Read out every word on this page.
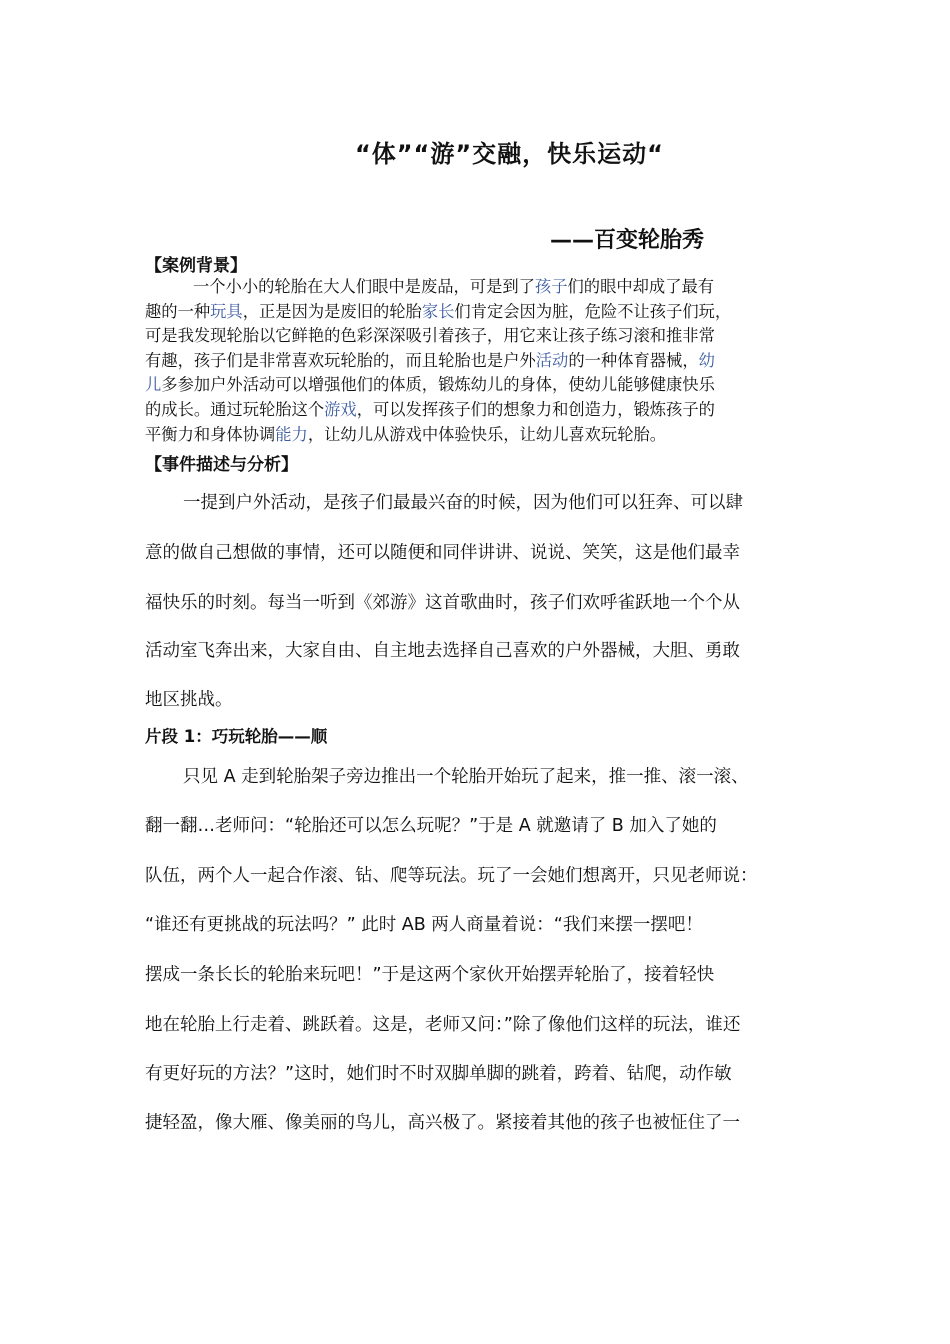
“体”“游”交融，快乐运动“
——百变轮胎秀
【案例背景】
一个小小的轮胎在大人们眼中是废品，可是到了孩子们的眼中却成了最有
趣的一种玩具，正是因为是废旧的轮胎家长们肯定会因为脏，危险不让孩子们玩，
可是我发现轮胎以它鲜艳的色彩深深吸引着孩子，用它来让孩子练习滚和推非常
有趣，孩子们是非常喜欢玩轮胎的，而且轮胎也是户外活动的一种体育器械，幼
儿多参加户外活动可以增强他们的体质，锻炼幼儿的身体，使幼儿能够健康快乐
的成长。通过玩轮胎这个游戏，可以发挥孩子们的想象力和创造力，锻炼孩子的
平衡力和身体协调能力，让幼儿从游戏中体验快乐，让幼儿喜欢玩轮胎。
【事件描述与分析】
一提到户外活动，是孩子们最最兴奋的时候，因为他们可以狂奔、可以肆
意的做自己想做的事情，还可以随便和同伴讲讲、说说、笑笑，这是他们最幸
福快乐的时刻。每当一听到《郊游》这首歌曲时，孩子们欢呼雀跃地一个个从
活动室飞奔出来，大家自由、自主地去选择自己喜欢的户外器械，大胆、勇敢
地区挑战。
片段 1：巧玩轮胎——顺
只见 A 走到轮胎架子旁边推出一个轮胎开始玩了起来，推一推、滚一滚、
翻一翻…老师问：“轮胎还可以怎么玩呢？”于是 A 就邀请了 B 加入了她的
队伍，两个人一起合作滚、钻、爬等玩法。玩了一会她们想离开，只见老师说：
“谁还有更挑战的玩法吗？” 此时 AB 两人商量着说：“我们来摆一摆吧！
摆成一条长长的轮胎来玩吧！”于是这两个家伙开始摆弄轮胎了，接着轻快
地在轮胎上行走着、跳跃着。这是，老师又问：”除了像他们这样的玩法，谁还
有更好玩的方法？”这时，她们时不时双脚单脚的跳着，跨着、钻爬，动作敏
捷轻盈，像大雁、像美丽的鸟儿，高兴极了。紧接着其他的孩子也被怔住了一
